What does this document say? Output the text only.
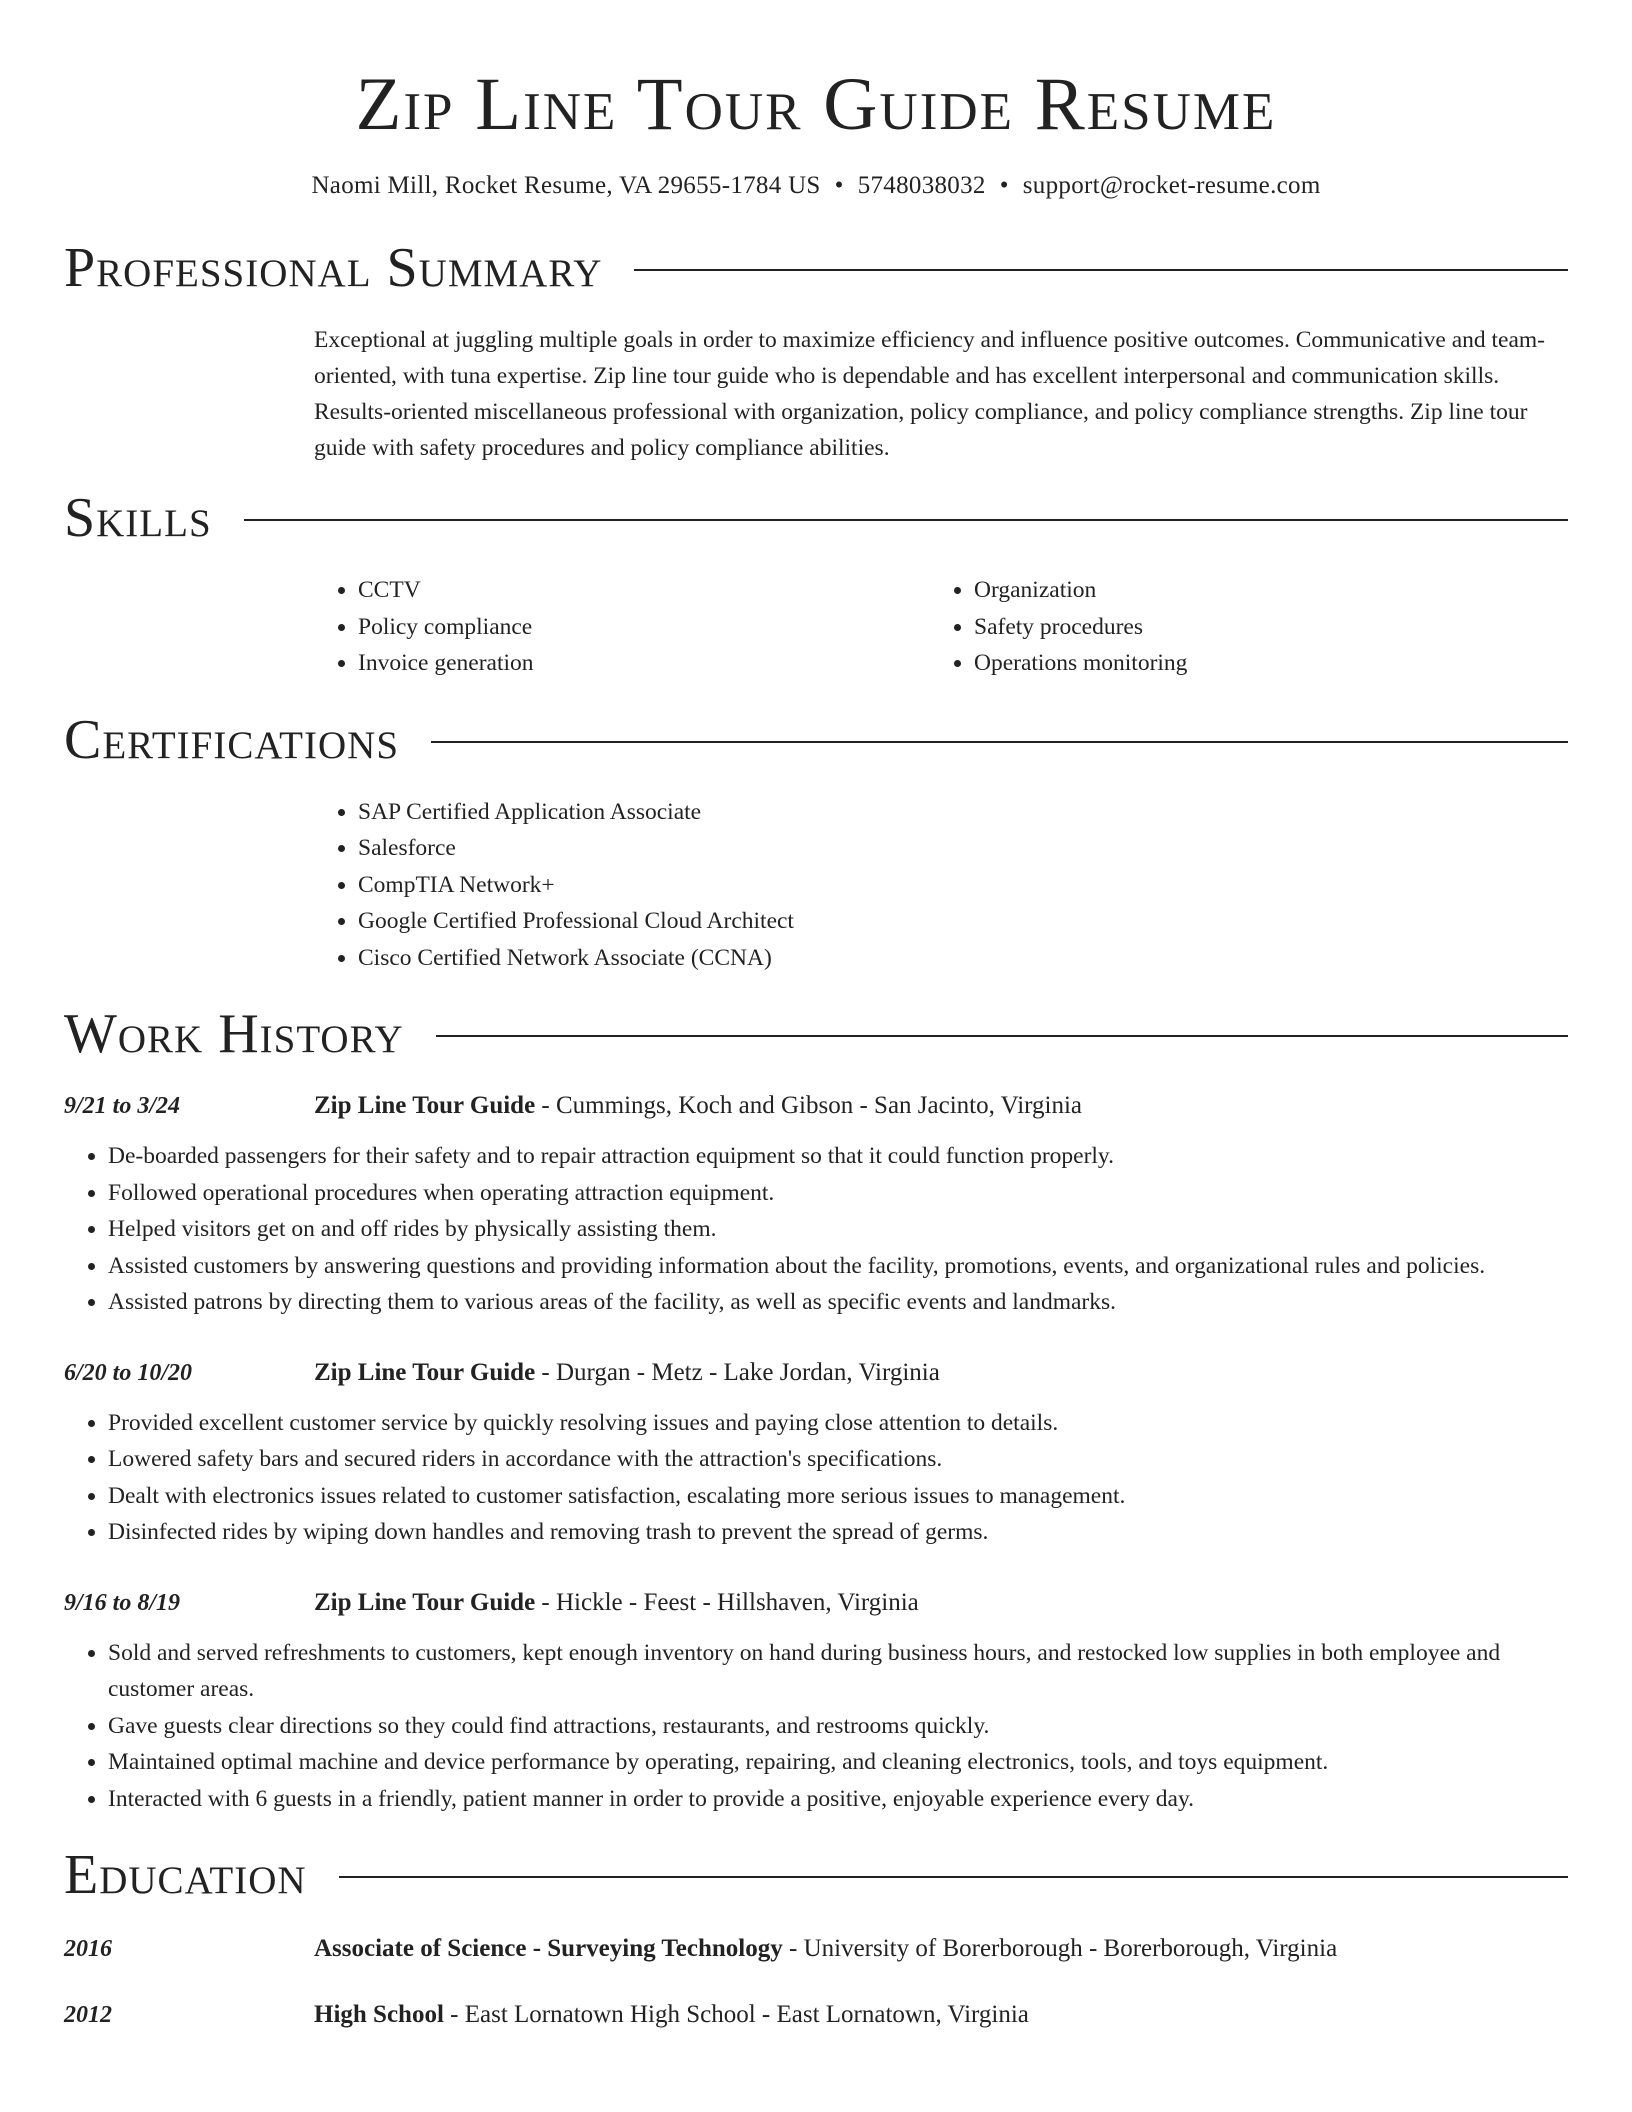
Zip Line Tour Guide Resume
Naomi Mill, Rocket Resume, VA 29655-1784 US • 5748038032 • support@rocket-resume.com
Professional Summary

Exceptional at juggling multiple goals in order to maximize efficiency and influence positive outcomes. Communicative and team-oriented, with tuna expertise. Zip line tour guide who is dependable and has excellent interpersonal and communication skills. Results-oriented miscellaneous professional with organization, policy compliance, and policy compliance strengths. Zip line tour guide with safety procedures and policy compliance abilities.

Skills
• CCTV
• Policy compliance
• Invoice generation
• Organization
• Safety procedures
• Operations monitoring
Certifications
• SAP Certified Application Associate
• Salesforce
• CompTIA Network+
• Google Certified Professional Cloud Architect
• Cisco Certified Network Associate (CCNA)
Work History
9/21 to 3/24	Zip Line Tour Guide - Cummings, Koch and Gibson - San Jacinto, Virginia
• De-boarded passengers for their safety and to repair attraction equipment so that it could function properly.
• Followed operational procedures when operating attraction equipment.
• Helped visitors get on and off rides by physically assisting them.
• Assisted customers by answering questions and providing information about the facility, promotions, events, and organizational rules and policies.
• Assisted patrons by directing them to various areas of the facility, as well as specific events and landmarks.
6/20 to 10/20	Zip Line Tour Guide - Durgan - Metz - Lake Jordan, Virginia
• Provided excellent customer service by quickly resolving issues and paying close attention to details.
• Lowered safety bars and secured riders in accordance with the attraction's specifications.
• Dealt with electronics issues related to customer satisfaction, escalating more serious issues to management.
• Disinfected rides by wiping down handles and removing trash to prevent the spread of germs.
9/16 to 8/19	Zip Line Tour Guide - Hickle - Feest - Hillshaven, Virginia
• Sold and served refreshments to customers, kept enough inventory on hand during business hours, and restocked low supplies in both employee and customer areas.
• Gave guests clear directions so they could find attractions, restaurants, and restrooms quickly.
• Maintained optimal machine and device performance by operating, repairing, and cleaning electronics, tools, and toys equipment.
• Interacted with 6 guests in a friendly, patient manner in order to provide a positive, enjoyable experience every day.
Education
2016	Associate of Science - Surveying Technology - University of Borerborough - Borerborough, Virginia
2012	High School - East Lornatown High School - East Lornatown, Virginia
